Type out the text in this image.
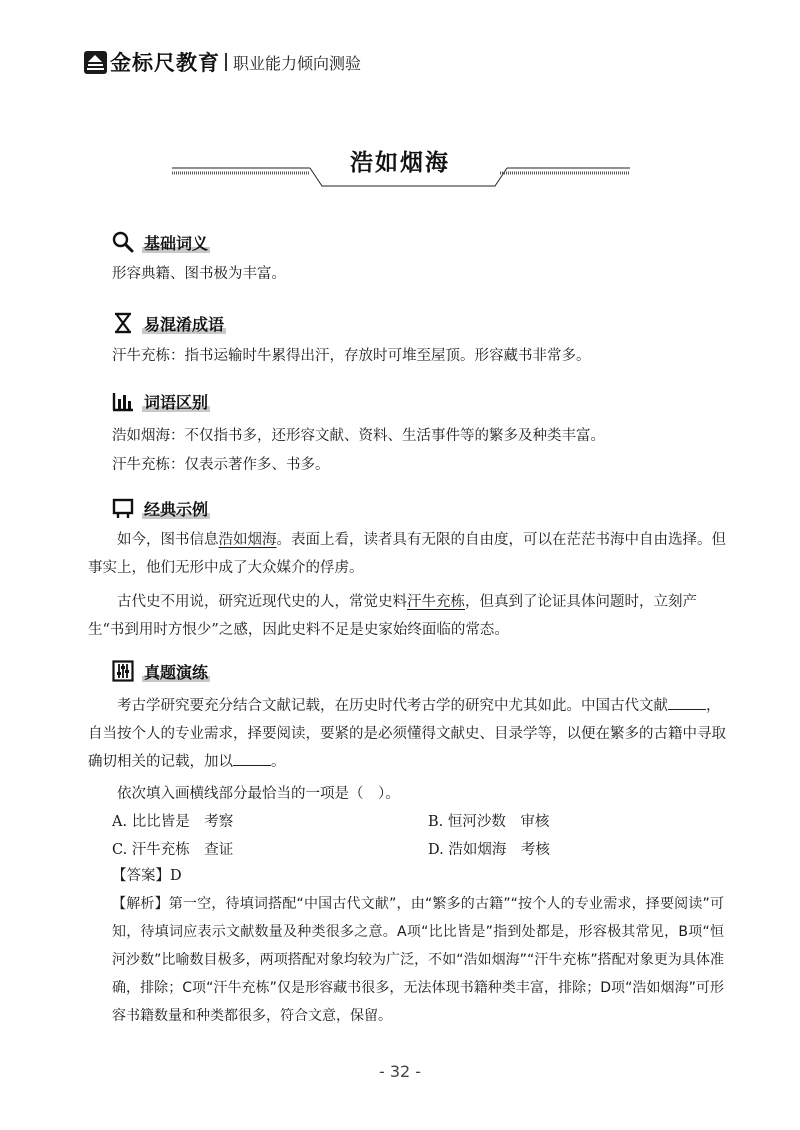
金标尺教育 职业能力倾向测验
浩如烟海
基础词义
形容典籍、图书极为丰富。
易混淆成语
汗牛充栋：指书运输时牛累得出汗，存放时可堆至屋顶。形容藏书非常多。
词语区别
浩如烟海：不仅指书多，还形容文献、资料、生活事件等的繁多及种类丰富。
汗牛充栋：仅表示著作多、书多。
经典示例
如今，图书信息浩如烟海。表面上看，读者具有无限的自由度，可以在茫茫书海中自由选择。但事实上，他们无形中成了大众媒介的俘虏。
古代史不用说，研究近现代史的人，常觉史料汗牛充栋，但真到了论证具体问题时，立刻产生“书到用时方恨少”之感，因此史料不足是史家始终面临的常态。
真题演练
考古学研究要充分结合文献记载，在历史时代考古学的研究中尤其如此。中国古代文献	，自当按个人的专业需求，择要阅读，要紧的是必须懂得文献史、目录学等，以便在繁多的古籍中寻取确切相关的记载，加以	。
依次填入画横线部分最恰当的一项是（　）。
A. 比比皆是　考察	B. 恒河沙数　审核
C. 汗牛充栋　查证	D. 浩如烟海　考核
【答案】D
【解析】第一空，待填词搭配“中国古代文献”，由“繁多的古籍”“按个人的专业需求，择要阅读”可知，待填词应表示文献数量及种类很多之意。A项“比比皆是”指到处都是，形容极其常见，B项“恒河沙数”比喻数目极多，两项搭配对象均较为广泛，不如“浩如烟海”“汗牛充栋”搭配对象更为具体准确，排除；C项“汗牛充栋”仅是形容藏书很多，无法体现书籍种类丰富，排除；D项“浩如烟海”可形容书籍数量和种类都很多，符合文意，保留。
- 32 -
